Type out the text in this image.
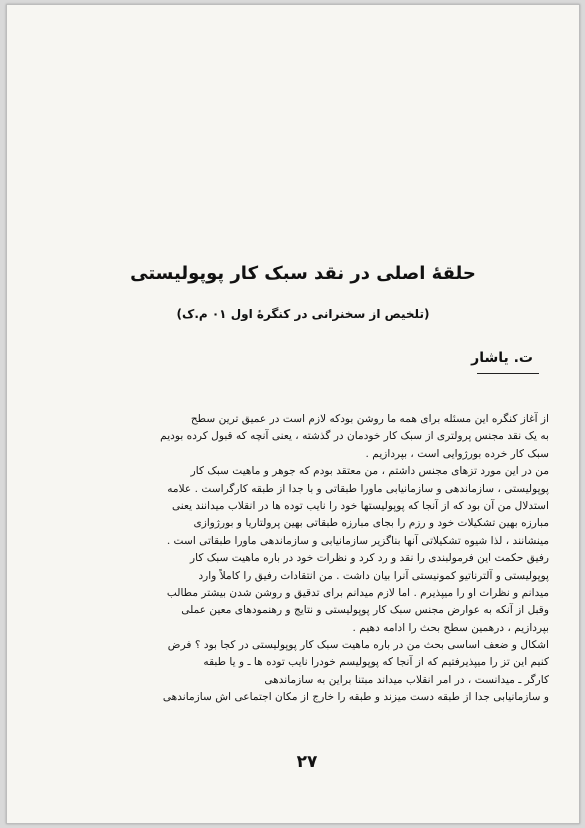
حلقهٔ اصلی در نقد سبک کار پوپولیستی
(تلخیص از سخنرانی در کنگرهٔ اول ۰۱ م.ک)
ت. یاشار
از آغاز کنگره این مسئله برای همه ما روشن بودکه لازم است در عمیق ترین سطح
به یک نقد مجنس پرولتری از سبک کار خودمان در گذشته ، یعنی آنچه که قبول کرده بودیم
سبک کار خرده بورژوایی است ، بپردازیم .
من در این مورد تزهای مجنس داشتم ، من معتقد بودم که جوهر و ماهیت سبک کار
پوپولیستی ، سازماندهی و سازمانیابی ماورا طبقاتی و با جدا از طبقه کارگراست . علامه
استدلال من آن بود که از آنجا که پوپولیستها خود را نایب توده ها در انقلاب میدانند یعنی
مبارزه بهین تشکیلات خود و رزم را بجای مبارزه طبقاتی بهین پرولتاریا و بورژوازی
مینشانند ، لذا شیوه تشکیلاتی آنها بناگزیر سازمانیابی و سازماندهی ماورا طبقاتی است .
رفیق حکمت این فرمولبندی را نقد و رد کرد و نظرات خود در باره ماهیت سبک کار
پوپولیستی و آلترناتیو کمونیستی آنرا بیان داشت . من انتقادات رفیق را کاملاً وارد
میدانم و نظرات او را میپذیرم . اما لازم میدانم برای تدقیق و روشن شدن بیشتر مطالب
وقبل از آنکه به عوارض مجنس سبک کار پوپولیستی و نتایج و رهنمودهای معین عملی
بپردازیم ، درهمین سطح بحث را ادامه دهیم .
اشکال و ضعف اساسی بحث من در باره ماهیت سبک کار پوپولیستی در کجا بود ؟ فرض
کنیم این تز را میپذیرفتیم که از آنجا که پوپولیسم خودرا نایب توده ها ـ و یا طبقه
کارگر ـ میدانست ، در امر انقلاب میداند مبتنا براین به سازماندهی
و سازمانیابی جدا از طبقه دست میزند و طبقه را خارج از مکان اجتماعی اش سازماندهی
۲۷
